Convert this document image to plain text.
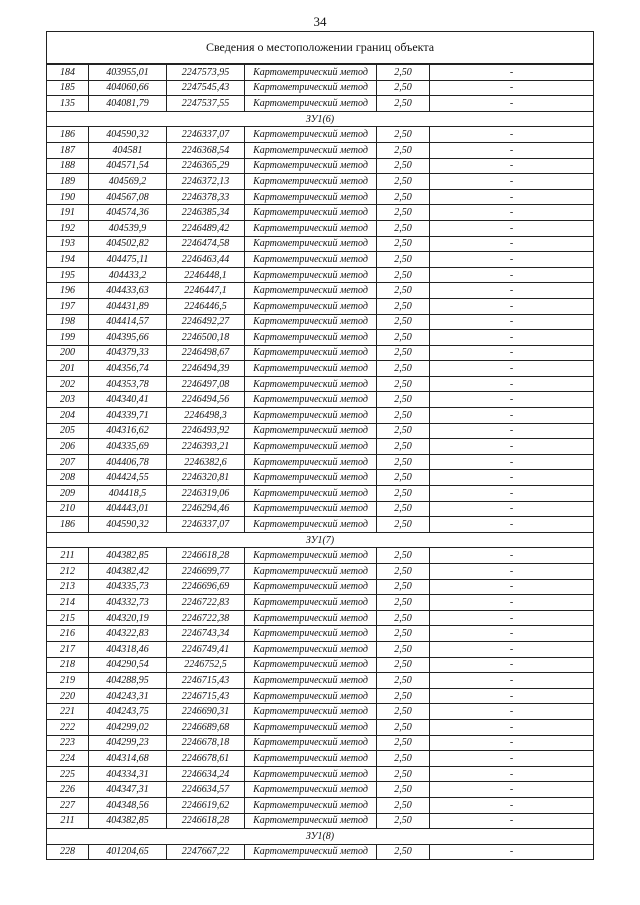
34
Сведения о местоположении границ объекта					
184	403955,01	2247573,95	Картометрический метод	2,50	-
185	404060,66	2247545,43	Картометрический метод	2,50	-
135	404081,79	2247537,55	Картометрический метод	2,50	-
ЗУ1(6)					
186	404590,32	2246337,07	Картометрический метод	2,50	-
187	404581	2246368,54	Картометрический метод	2,50	-
188	404571,54	2246365,29	Картометрический метод	2,50	-
189	404569,2	2246372,13	Картометрический метод	2,50	-
190	404567,08	2246378,33	Картометрический метод	2,50	-
191	404574,36	2246385,34	Картометрический метод	2,50	-
192	404539,9	2246489,42	Картометрический метод	2,50	-
193	404502,82	2246474,58	Картометрический метод	2,50	-
194	404475,11	2246463,44	Картометрический метод	2,50	-
195	404433,2	2246448,1	Картометрический метод	2,50	-
196	404433,63	2246447,1	Картометрический метод	2,50	-
197	404431,89	2246446,5	Картометрический метод	2,50	-
198	404414,57	2246492,27	Картометрический метод	2,50	-
199	404395,66	2246500,18	Картометрический метод	2,50	-
200	404379,33	2246498,67	Картометрический метод	2,50	-
201	404356,74	2246494,39	Картометрический метод	2,50	-
202	404353,78	2246497,08	Картометрический метод	2,50	-
203	404340,41	2246494,56	Картометрический метод	2,50	-
204	404339,71	2246498,3	Картометрический метод	2,50	-
205	404316,62	2246493,92	Картометрический метод	2,50	-
206	404335,69	2246393,21	Картометрический метод	2,50	-
207	404406,78	2246382,6	Картометрический метод	2,50	-
208	404424,55	2246320,81	Картометрический метод	2,50	-
209	404418,5	2246319,06	Картометрический метод	2,50	-
210	404443,01	2246294,46	Картометрический метод	2,50	-
186	404590,32	2246337,07	Картометрический метод	2,50	-
ЗУ1(7)					
211	404382,85	2246618,28	Картометрический метод	2,50	-
212	404382,42	2246699,77	Картометрический метод	2,50	-
213	404335,73	2246696,69	Картометрический метод	2,50	-
214	404332,73	2246722,83	Картометрический метод	2,50	-
215	404320,19	2246722,38	Картометрический метод	2,50	-
216	404322,83	2246743,34	Картометрический метод	2,50	-
217	404318,46	2246749,41	Картометрический метод	2,50	-
218	404290,54	2246752,5	Картометрический метод	2,50	-
219	404288,95	2246715,43	Картометрический метод	2,50	-
220	404243,31	2246715,43	Картометрический метод	2,50	-
221	404243,75	2246690,31	Картометрический метод	2,50	-
222	404299,02	2246689,68	Картометрический метод	2,50	-
223	404299,23	2246678,18	Картометрический метод	2,50	-
224	404314,68	2246678,61	Картометрический метод	2,50	-
225	404334,31	2246634,24	Картометрический метод	2,50	-
226	404347,31	2246634,57	Картометрический метод	2,50	-
227	404348,56	2246619,62	Картометрический метод	2,50	-
211	404382,85	2246618,28	Картометрический метод	2,50	-
ЗУ1(8)					
228	401204,65	2247667,22	Картометрический метод	2,50	-
